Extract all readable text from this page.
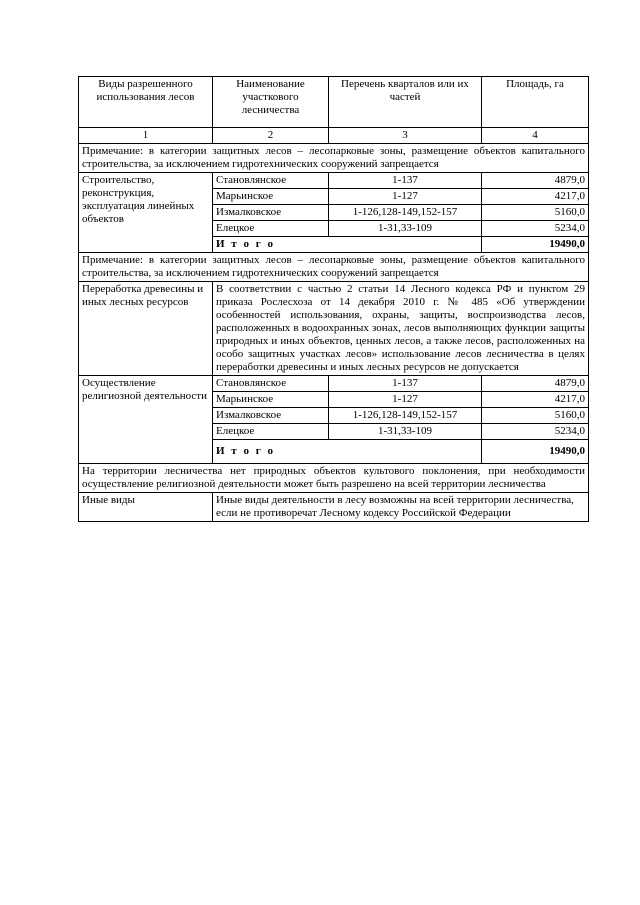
Виды разрешенного использования лесов	Наименование участкового лесничества	Перечень кварталов или их частей	Площадь, га
1	2	3	4
Примечание: в категории защитных лесов – лесопарковые зоны, размещение объектов капитального строительства, за исключением гидротехнических сооружений запрещается			
Строительство, реконструкция, эксплуатация линейных объектов	Становлянское	1-137	4879,0
	Марьинское	1-127	4217,0
	Измалковское	1-126,128-149,152-157	5160,0
	Елецкое	1-31,33-109	5234,0
	И т о г о		19490,0
Примечание: в категории защитных лесов – лесопарковые зоны, размещение объектов капитального строительства, за исключением гидротехнических сооружений запрещается			
Переработка древесины и иных лесных ресурсов	В соответствии с частью 2 статьи 14 Лесного кодекса РФ и пунктом 29 приказа Рослесхоза от 14 декабря 2010 г. № 485 «Об утверждении особенностей использования, охраны, защиты, воспроизводства лесов, расположенных в водоохранных зонах, лесов выполняющих функции защиты природных и иных объектов, ценных лесов, а также лесов, расположенных на особо защитных участках лесов» использование лесов лесничества в целях переработки древесины и иных лесных ресурсов не допускается		
Осуществление религиозной деятельности	Становлянское	1-137	4879,0
	Марьинское	1-127	4217,0
	Измалковское	1-126,128-149,152-157	5160,0
	Елецкое	1-31,33-109	5234,0
	И т о г о		19490,0
На территории лесничества нет природных объектов культового поклонения, при необходимости осуществление религиозной деятельности может быть разрешено на всей территории лесничества			
Иные виды	Иные виды деятельности в лесу возможны на всей территории лесничества, если не противоречат Лесному кодексу Российской Федерации		
